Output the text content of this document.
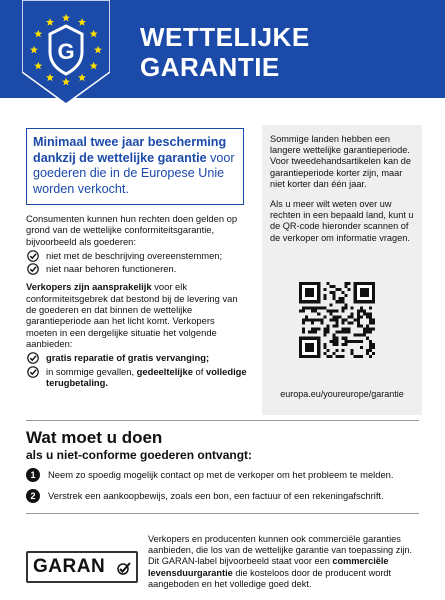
G	WETTELIJKE
GARANTIE
Minimaal twee jaar bescherming dankzij de wettelijke garantie voor goederen die in de Europese Unie worden verkocht.

Consumenten kunnen hun rechten doen gelden op grond van de wettelijke conformiteitsgarantie, bijvoorbeeld als goederen:

niet met de beschrijving overeenstemmen;
niet naar behoren functioneren.

Verkopers zijn aansprakelijk voor elk conformiteitsgebrek dat bestond bij de levering van de goederen en dat binnen de wettelijke garantieperiode aan het licht komt. Verkopers moeten in een dergelijke situatie het volgende aanbieden:

gratis reparatie of gratis vervanging;
in sommige gevallen, gedeeltelijke of volledige terugbetaling.

Sommige landen hebben een langere wettelijke garantieperiode. Voor tweedehandsartikelen kan de garantieperiode korter zijn, maar niet korter dan één jaar.

Als u meer wilt weten over uw rechten in een bepaald land, kunt u de QR-code hieronder scannen of de verkoper om informatie vragen.

europa.eu/youreurope/garantie
Wat moet u doen
als u niet-conforme goederen ontvangt:
1	Neem zo spoedig mogelijk contact op met de verkoper om het probleem te melden.
2	Verstrek een aankoopbewijs, zoals een bon, een factuur of een rekeningafschrift.
GARAN
Verkopers en producenten kunnen ook commerciële garanties aanbieden, die los van de wettelijke garantie van toepassing zijn. Dit GARAN-label bijvoorbeeld staat voor een commerciële levensduurgarantie die kosteloos door de producent wordt aangeboden en het volledige goed dekt.
